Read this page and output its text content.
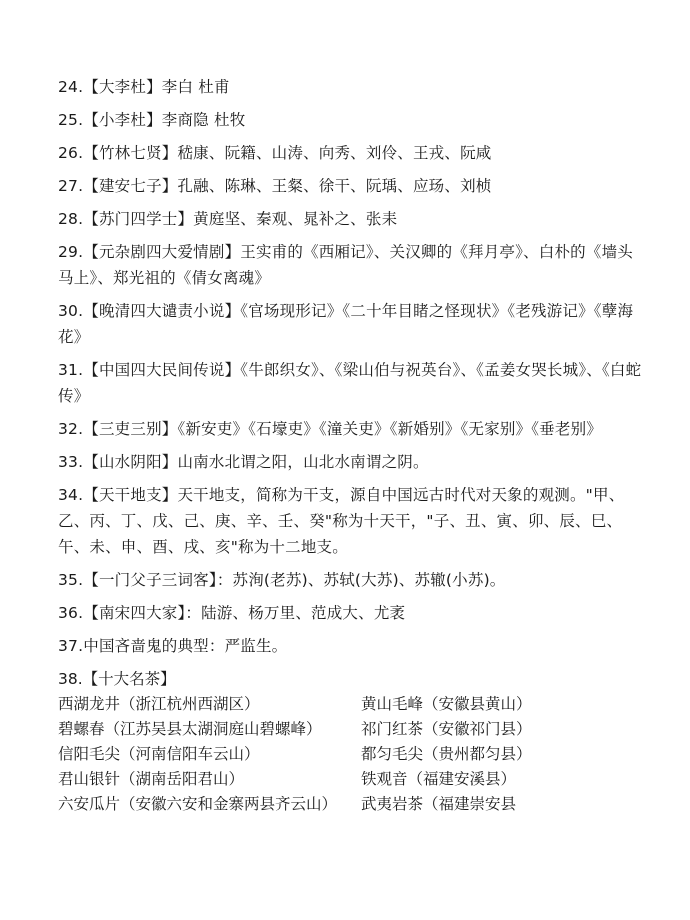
24.【大李杜】李白 杜甫
25.【小李杜】李商隐 杜牧
26.【竹林七贤】嵇康、阮籍、山涛、向秀、刘伶、王戎、阮咸
27.【建安七子】孔融、陈琳、王粲、徐干、阮瑀、应玚、刘桢
28.【苏门四学士】黄庭坚、秦观、晁补之、张耒
29.【元杂剧四大爱情剧】王实甫的《西厢记》、关汉卿的《拜月亭》、白朴的《墙头马上》、郑光祖的《倩女离魂》
30.【晚清四大谴责小说】《官场现形记》《二十年目睹之怪现状》《老残游记》《孽海花》
31.【中国四大民间传说】《牛郎织女》、《梁山伯与祝英台》、《孟姜女哭长城》、《白蛇传》
32.【三吏三别】《新安吏》《石壕吏》《潼关吏》《新婚别》《无家别》《垂老别》
33.【山水阴阳】山南水北谓之阳，山北水南谓之阴。
34.【天干地支】天干地支，简称为干支，源自中国远古时代对天象的观测。"甲、乙、丙、丁、戊、己、庚、辛、壬、癸"称为十天干，"子、丑、寅、卯、辰、巳、午、未、申、酉、戌、亥"称为十二地支。
35.【一门父子三词客】：苏洵(老苏)、苏轼(大苏)、苏辙(小苏)。
36.【南宋四大家】：陆游、杨万里、范成大、尤袤
37.中国吝啬鬼的典型：严监生。
38.【十大名茶】
西湖龙井（浙江杭州西湖区）	黄山毛峰（安徽县黄山）
碧螺春（江苏吴县太湖洞庭山碧螺峰）	祁门红茶（安徽祁门县）
信阳毛尖（河南信阳车云山）	都匀毛尖（贵州都匀县）
君山银针（湖南岳阳君山）	铁观音（福建安溪县）
六安瓜片（安徽六安和金寨两县齐云山）	武夷岩茶（福建崇安县
